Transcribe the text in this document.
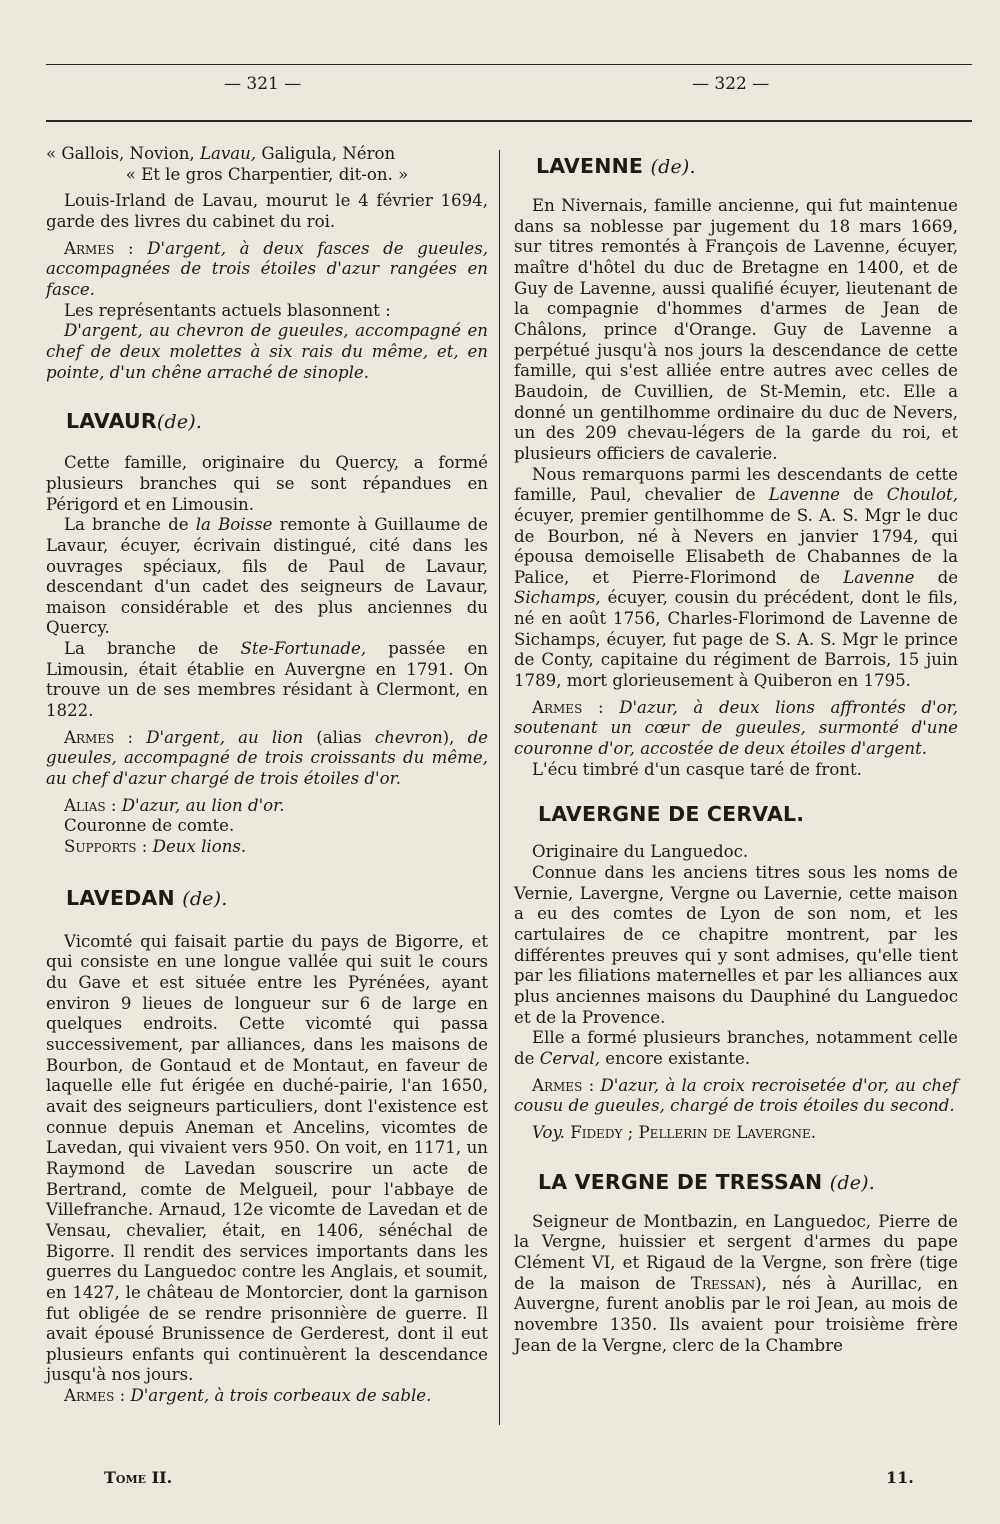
— 321 —	— 322 —

« Gallois, Novion, Lavau, Galigula, Néron

« Et le gros Charpentier, dit-on. »

Louis-Irland de Lavau, mourut le 4 février 1694, garde des livres du cabinet du roi.

Armes : D'argent, à deux fasces de gueules, accompagnées de trois étoiles d'azur rangées en fasce.

Les représentants actuels blasonnent :

D'argent, au chevron de gueules, accompagné en chef de deux molettes à six rais du même, et, en pointe, d'un chêne arraché de sinople.

LAVAUR(de).

Cette famille, originaire du Quercy, a formé plusieurs branches qui se sont répandues en Périgord et en Limousin.

La branche de la Boisse remonte à Guillaume de Lavaur, écuyer, écrivain distingué, cité dans les ouvrages spéciaux, fils de Paul de Lavaur, descendant d'un cadet des seigneurs de Lavaur, maison considérable et des plus anciennes du Quercy.

La branche de Ste-Fortunade, passée en Limousin, était établie en Auvergne en 1791. On trouve un de ses membres résidant à Clermont, en 1822.

Armes : D'argent, au lion (alias chevron), de gueules, accompagné de trois croissants du même, au chef d'azur chargé de trois étoiles d'or.

Alias : D'azur, au lion d'or.

Couronne de comte.

Supports : Deux lions.

LAVEDAN (de).

Vicomté qui faisait partie du pays de Bigorre, et qui consiste en une longue vallée qui suit le cours du Gave et est située entre les Pyrénées, ayant environ 9 lieues de longueur sur 6 de large en quelques endroits. Cette vicomté qui passa successivement, par alliances, dans les maisons de Bourbon, de Gontaud et de Montaut, en faveur de laquelle elle fut érigée en duché-pairie, l'an 1650, avait des seigneurs particuliers, dont l'existence est connue depuis Aneman et Ancelins, vicomtes de Lavedan, qui vivaient vers 950. On voit, en 1171, un Raymond de Lavedan souscrire un acte de Bertrand, comte de Melgueil, pour l'abbaye de Villefranche. Arnaud, 12e vicomte de Lavedan et de Vensau, chevalier, était, en 1406, sénéchal de Bigorre. Il rendit des services importants dans les guerres du Languedoc contre les Anglais, et soumit, en 1427, le château de Montorcier, dont la garnison fut obligée de se rendre prisonnière de guerre. Il avait épousé Brunissence de Gerderest, dont il eut plusieurs enfants qui continuèrent la descendance jusqu'à nos jours.

Armes : D'argent, à trois corbeaux de sable.

LAVENNE (de).

En Nivernais, famille ancienne, qui fut maintenue dans sa noblesse par jugement du 18 mars 1669, sur titres remontés à François de Lavenne, écuyer, maître d'hôtel du duc de Bretagne en 1400, et de Guy de Lavenne, aussi qualifié écuyer, lieutenant de la compagnie d'hommes d'armes de Jean de Châlons, prince d'Orange. Guy de Lavenne a perpétué jusqu'à nos jours la descendance de cette famille, qui s'est alliée entre autres avec celles de Baudoin, de Cuvillien, de St-Memin, etc. Elle a donné un gentilhomme ordinaire du duc de Nevers, un des 209 chevau-légers de la garde du roi, et plusieurs officiers de cavalerie.

Nous remarquons parmi les descendants de cette famille, Paul, chevalier de Lavenne de Choulot, écuyer, premier gentilhomme de S. A. S. Mgr le duc de Bourbon, né à Nevers en janvier 1794, qui épousa demoiselle Elisabeth de Chabannes de la Palice, et Pierre-Florimond de Lavenne de Sichamps, écuyer, cousin du précédent, dont le fils, né en août 1756, Charles-Florimond de Lavenne de Sichamps, écuyer, fut page de S. A. S. Mgr le prince de Conty, capitaine du régiment de Barrois, 15 juin 1789, mort glorieusement à Quiberon en 1795.

Armes : D'azur, à deux lions affrontés d'or, soutenant un cœur de gueules, surmonté d'une couronne d'or, accostée de deux étoiles d'argent.

L'écu timbré d'un casque taré de front.

LAVERGNE DE CERVAL.

Originaire du Languedoc.

Connue dans les anciens titres sous les noms de Vernie, Lavergne, Vergne ou Lavernie, cette maison a eu des comtes de Lyon de son nom, et les cartulaires de ce chapitre montrent, par les différentes preuves qui y sont admises, qu'elle tient par les filiations maternelles et par les alliances aux plus anciennes maisons du Dauphiné du Languedoc et de la Provence.

Elle a formé plusieurs branches, notamment celle de Cerval, encore existante.

Armes : D'azur, à la croix recroisetée d'or, au chef cousu de gueules, chargé de trois étoiles du second.

Voy. Fidedy ; Pellerin de Lavergne.

LA VERGNE DE TRESSAN (de).

Seigneur de Montbazin, en Languedoc, Pierre de la Vergne, huissier et sergent d'armes du pape Clément VI, et Rigaud de la Vergne, son frère (tige de la maison de Tressan), nés à Aurillac, en Auvergne, furent anoblis par le roi Jean, au mois de novembre 1350. Ils avaient pour troisième frère Jean de la Vergne, clerc de la Chambre

Tome II.	11.
